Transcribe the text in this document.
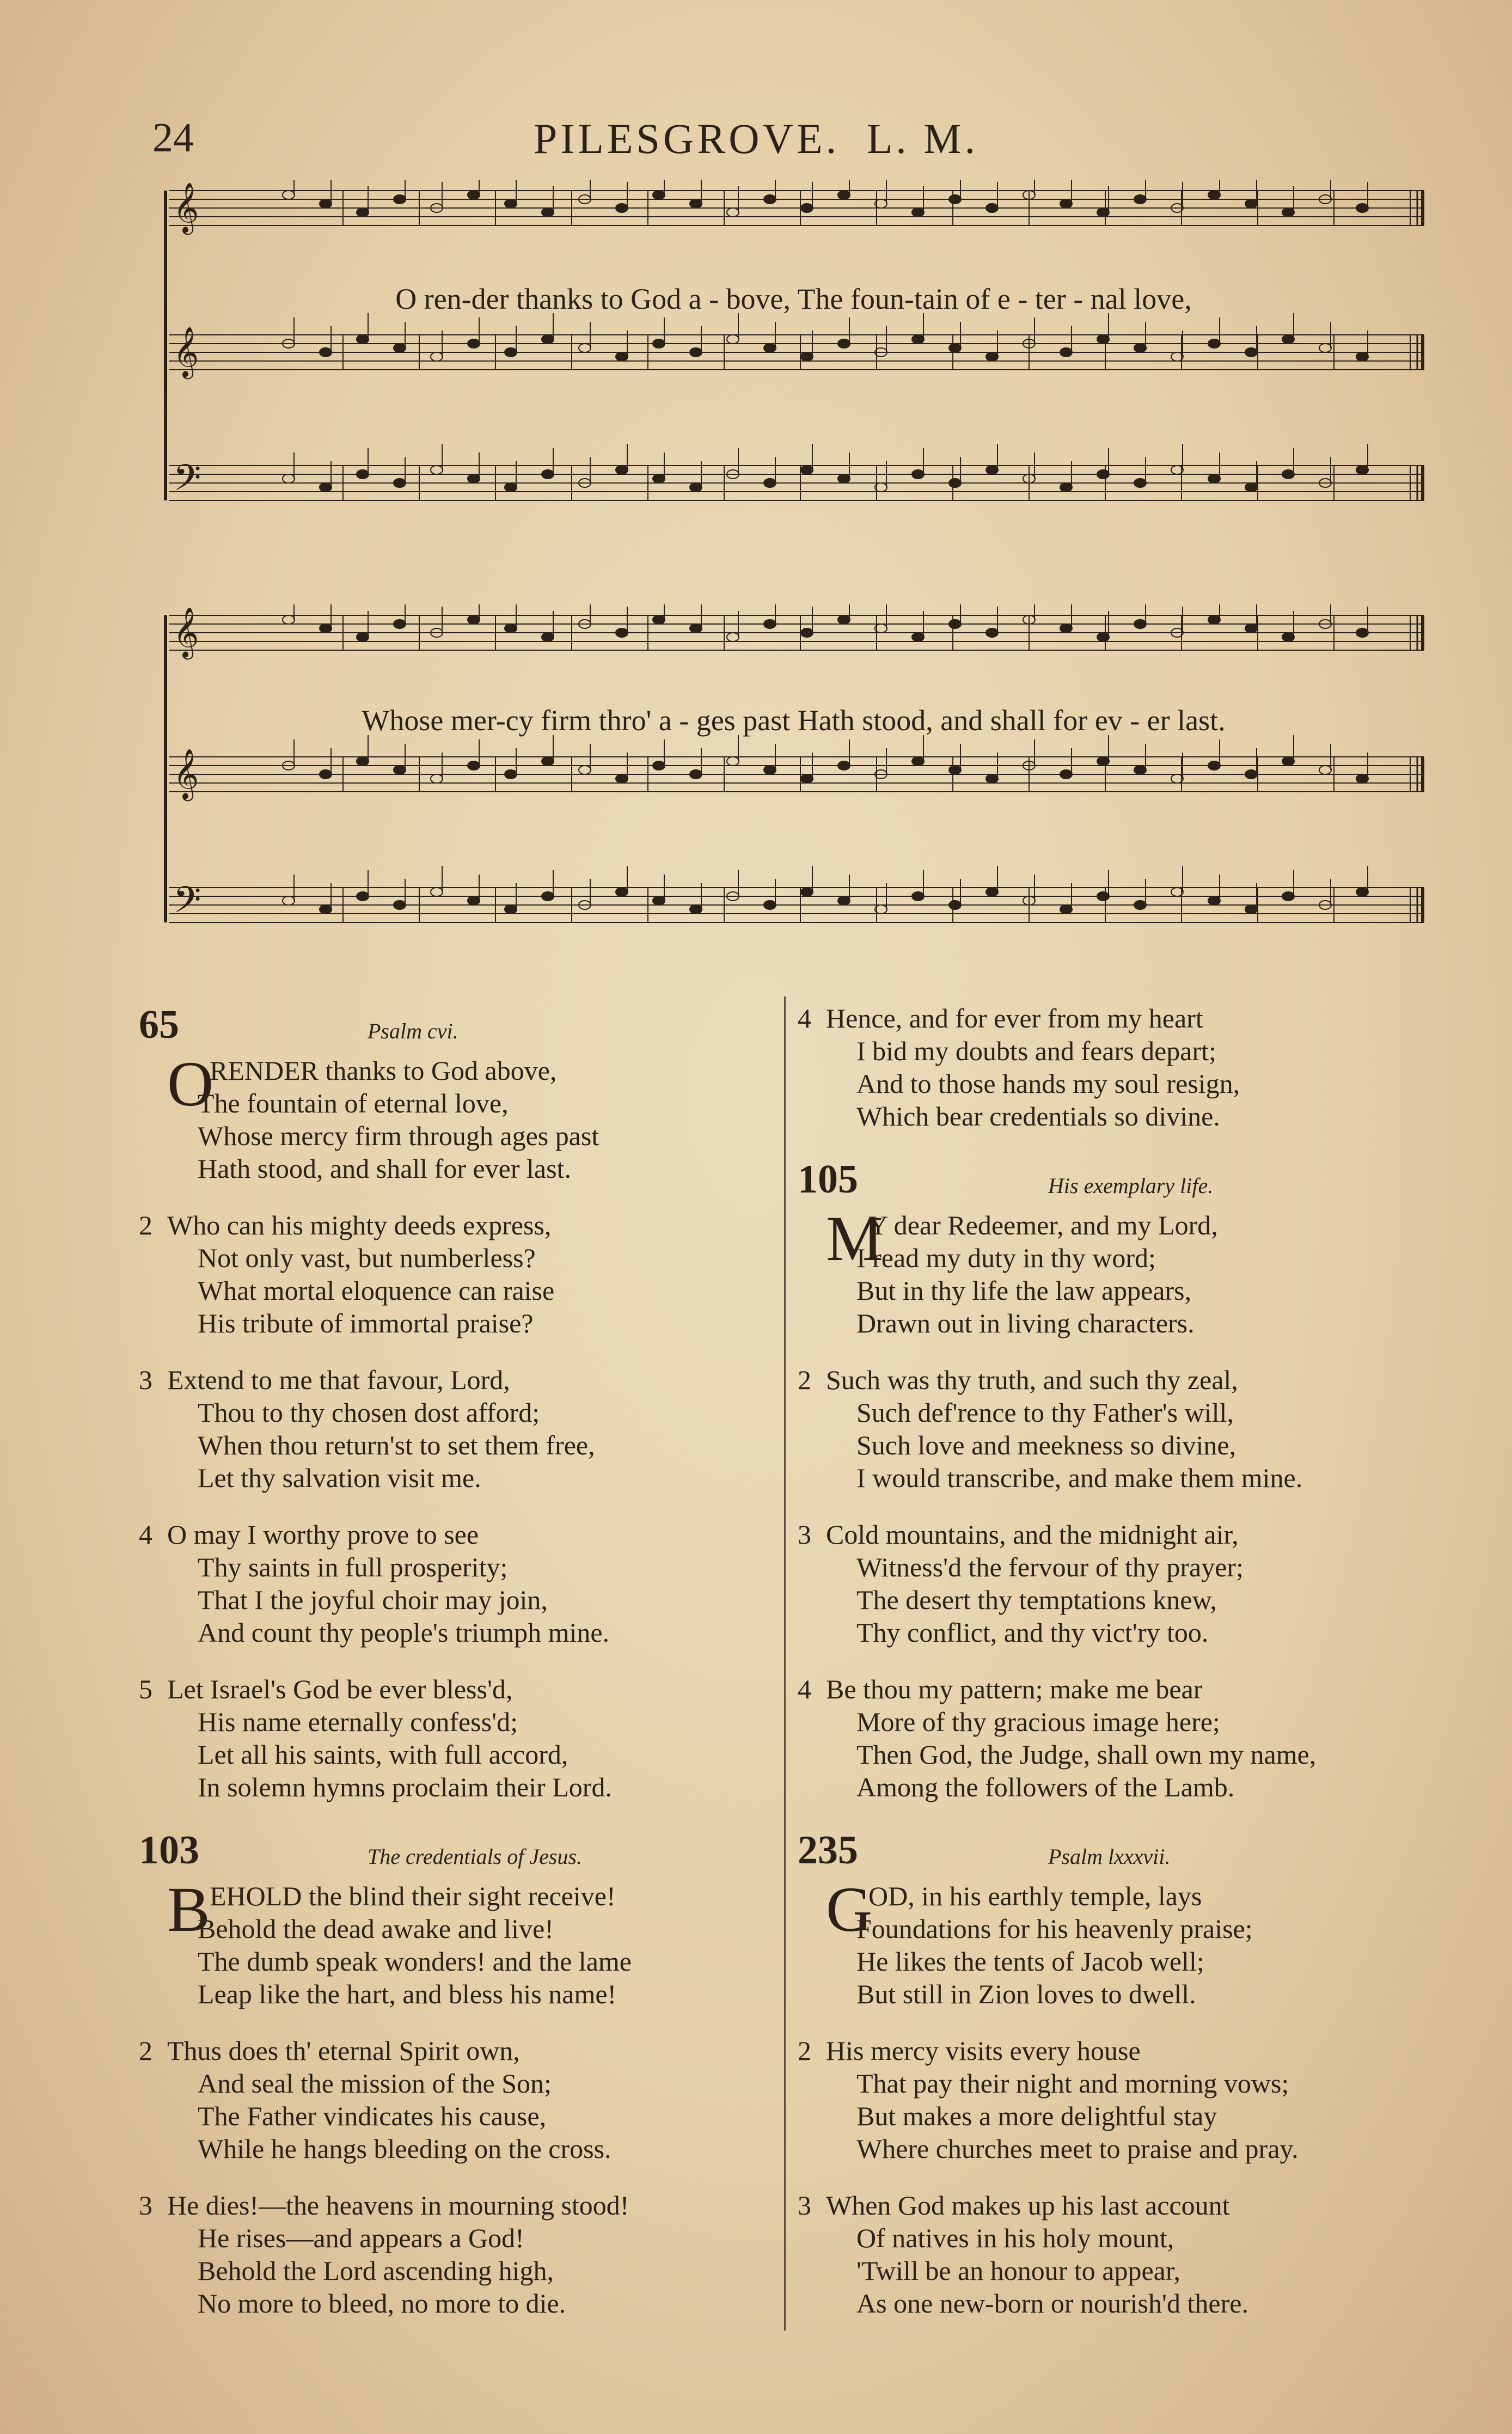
24	PILESGROVE. L. M.
𝄞
𝄞
𝄢
O ren-der thanks to God a - bove, The foun-tain of e - ter - nal love,
𝄞
𝄞
𝄢
Whose mer-cy firm thro' a - ges past Hath stood, and shall for ev - er last.
65	Psalm cvi.
O
RENDER thanks to God above,
The fountain of eternal love,
Whose mercy firm through ages past
Hath stood, and shall for ever last.
2 Who can his mighty deeds express,
Not only vast, but numberless?
What mortal eloquence can raise
His tribute of immortal praise?
3 Extend to me that favour, Lord,
Thou to thy chosen dost afford;
When thou return'st to set them free,
Let thy salvation visit me.
4 O may I worthy prove to see
Thy saints in full prosperity;
That I the joyful choir may join,
And count thy people's triumph mine.
5 Let Israel's God be ever bless'd,
His name eternally confess'd;
Let all his saints, with full accord,
In solemn hymns proclaim their Lord.
103	The credentials of Jesus.
B EHOLD the blind their sight receive!
Behold the dead awake and live!
The dumb speak wonders! and the lame
Leap like the hart, and bless his name!
2 Thus does th' eternal Spirit own,
And seal the mission of the Son;
The Father vindicates his cause,
While he hangs bleeding on the cross.
3 He dies!—the heavens in mourning stood!
He rises—and appears a God!
Behold the Lord ascending high,
No more to bleed, no more to die.
4 Hence, and for ever from my heart
I bid my doubts and fears depart;
And to those hands my soul resign,
Which bear credentials so divine.
105	His exemplary life.
M
Y dear Redeemer, and my Lord,
I read my duty in thy word;
But in thy life the law appears,
Drawn out in living characters.
2 Such was thy truth, and such thy zeal,
Such def'rence to thy Father's will,
Such love and meekness so divine,
I would transcribe, and make them mine.
3 Cold mountains, and the midnight air,
Witness'd the fervour of thy prayer;
The desert thy temptations knew,
Thy conflict, and thy vict'ry too.
4 Be thou my pattern; make me bear
More of thy gracious image here;
Then God, the Judge, shall own my name,
Among the followers of the Lamb.
235	Psalm lxxxvii.
G
OD, in his earthly temple, lays
Foundations for his heavenly praise;
He likes the tents of Jacob well;
But still in Zion loves to dwell.
2 His mercy visits every house
That pay their night and morning vows;
But makes a more delightful stay
Where churches meet to praise and pray.
3 When God makes up his last account
Of natives in his holy mount,
'Twill be an honour to appear,
As one new-born or nourish'd there.
